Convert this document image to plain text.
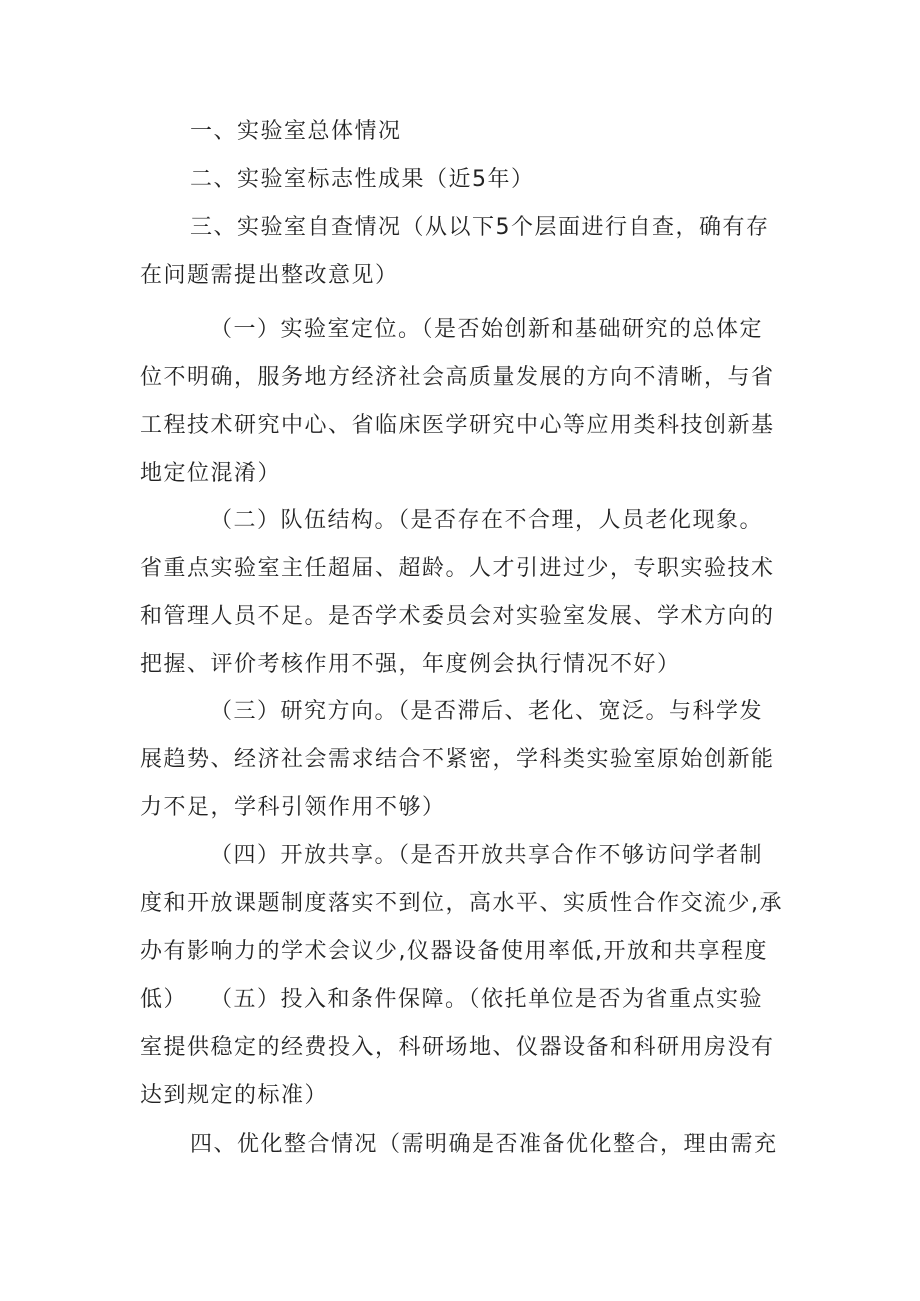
一、实验室总体情况

二、实验室标志性成果（近5年）

三、实验室自查情况（从以下5个层面进行自查，确有存在问题需提出整改意见）

（一）实验室定位。（是否始创新和基础研究的总体定位不明确，服务地方经济社会高质量发展的方向不清晰，与省工程技术研究中心、省临床医学研究中心等应用类科技创新基地定位混淆）

（二）队伍结构。（是否存在不合理，人员老化现象。省重点实验室主任超届、超龄。人才引进过少，专职实验技术和管理人员不足。是否学术委员会对实验室发展、学术方向的把握、评价考核作用不强，年度例会执行情况不好）

（三）研究方向。（是否滞后、老化、宽泛。与科学发展趋势、经济社会需求结合不紧密，学科类实验室原始创新能力不足，学科引领作用不够）

（四）开放共享。（是否开放共享合作不够访问学者制度和开放课题制度落实不到位，高水平、实质性合作交流少,承办有影响力的学术会议少,仪器设备使用率低,开放和共享程度低）	（五）投入和条件保障。（依托单位是否为省重点实验室提供稳定的经费投入，科研场地、仪器设备和科研用房没有达到规定的标准）

四、优化整合情况（需明确是否准备优化整合，理由需充
